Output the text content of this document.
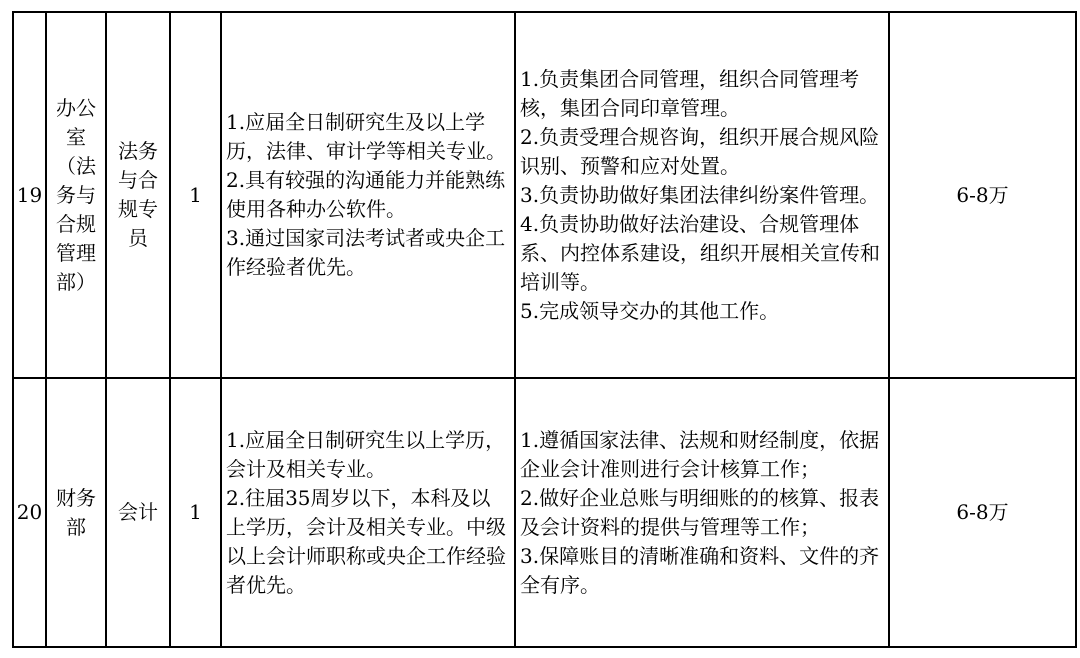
19	办公室（法务与合规管理部）	法务与合规专员	1	1.应届全日制研究生及以上学历，法律、审计学等相关专业。
2.具有较强的沟通能力并能熟练使用各种办公软件。
3.通过国家司法考试者或央企工作经验者优先。	1.负责集团合同管理，组织合同管理考核，集团合同印章管理。
2.负责受理合规咨询，组织开展合规风险识别、预警和应对处置。
3.负责协助做好集团法律纠纷案件管理。
4.负责协助做好法治建设、合规管理体系、内控体系建设，组织开展相关宣传和培训等。
5.完成领导交办的其他工作。	6-8万
20	财务部	会计	1	1.应届全日制研究生以上学历，会计及相关专业。
2.往届35周岁以下，本科及以上学历，会计及相关专业。中级以上会计师职称或央企工作经验者优先。	1.遵循国家法律、法规和财经制度，依据企业会计准则进行会计核算工作；
2.做好企业总账与明细账的的核算、报表及会计资料的提供与管理等工作；
3.保障账目的清晰准确和资料、文件的齐全有序。	6-8万
